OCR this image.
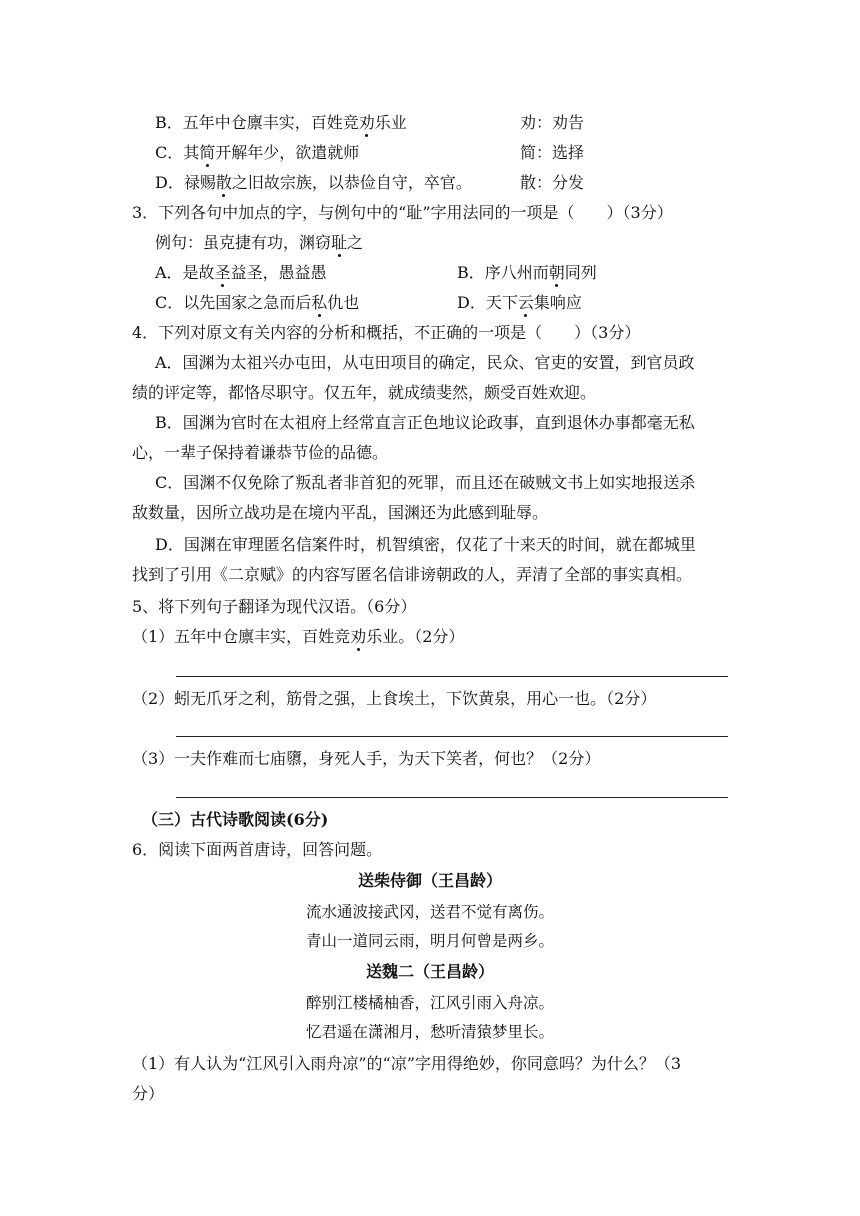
B．五年中仓廪丰实，百姓竞劝乐业	劝：劝告
C．其简开解年少，欲遣就师	简：选择
D．禄赐散之旧故宗族，以恭俭自守，卒官。	散：分发
3．下列各句中加点的字，与例句中的“耻”字用法同的一项是（　　）（3分）
例句：虽克捷有功，渊窃耻之
A．是故圣益圣，愚益愚	B．序八州而朝同列
C．以先国家之急而后私仇也	D．天下云集响应
4．下列对原文有关内容的分析和概括，不正确的一项是（　　）（3分）
A．国渊为太祖兴办屯田，从屯田项目的确定，民众、官吏的安置，到官员政
绩的评定等，都恪尽职守。仅五年，就成绩斐然，颇受百姓欢迎。
B．国渊为官时在太祖府上经常直言正色地议论政事，直到退休办事都毫无私
心，一辈子保持着谦恭节俭的品德。
C．国渊不仅免除了叛乱者非首犯的死罪，而且还在破贼文书上如实地报送杀
敌数量，因所立战功是在境内平乱，国渊还为此感到耻辱。
D．国渊在审理匿名信案件时，机智缜密，仅花了十来天的时间，就在都城里
找到了引用《二京赋》的内容写匿名信诽谤朝政的人，弄清了全部的事实真相。
5、将下列句子翻译为现代汉语。（6分）
（1）五年中仓廪丰实，百姓竞劝乐业。（2分）
（2）蚓无爪牙之利，筋骨之强，上食埃土，下饮黄泉，用心一也。（2分）
（3）一夫作难而七庙隳，身死人手，为天下笑者，何也？（2分）
（三）古代诗歌阅读(6分)
6．阅读下面两首唐诗，回答问题。
送柴侍御（王昌龄）
流水通波接武冈，送君不觉有离伤。
青山一道同云雨，明月何曾是两乡。
送魏二（王昌龄）
醉别江楼橘柚香，江风引雨入舟凉。
忆君遥在潇湘月，愁听清猿梦里长。
（1）有人认为“江风引入雨舟凉”的“凉”字用得绝妙，你同意吗？为什么？（3
分）
